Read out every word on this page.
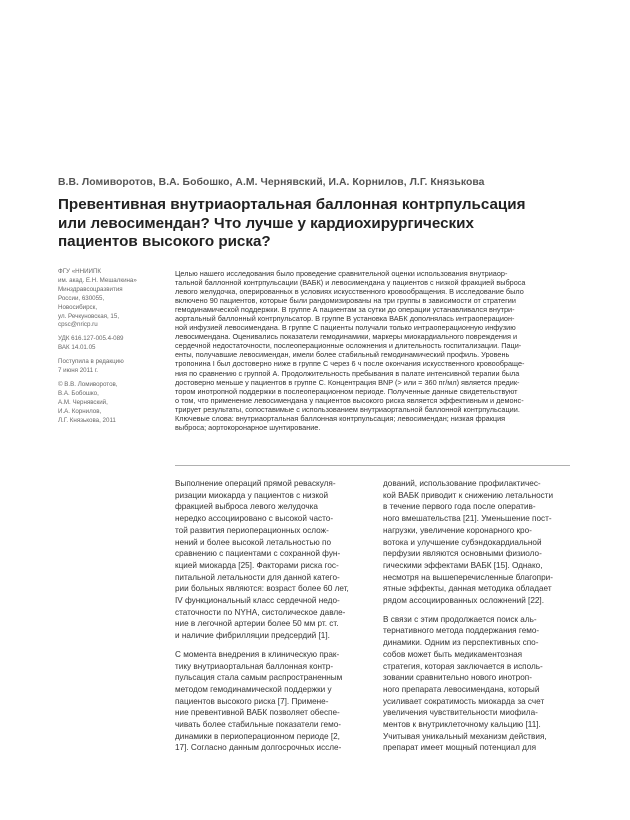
В.В. Ломиворотов, В.А. Бобошко, А.М. Чернявский, И.А. Корнилов, Л.Г. Князькова
Превентивная внутриаортальная баллонная контрпульсация
или левосимендан? Что лучше у кардиохирургических
пациентов высокого риска?
ФГУ «ННИИПК
им. акад. Е.Н. Мешалкина»
Минздравсоцразвития
России, 630055,
Новосибирск,
ул. Речкуновская, 15,
cpsc@nricp.ru
УДК 616.127-005.4-089
ВАК 14.01.05
Поступила в редакцию
7 июня 2011 г.
© В.В. Ломиворотов,
В.А. Бобошко,
А.М. Чернявский,
И.А. Корнилов,
Л.Г. Князькова, 2011
Целью нашего исследования было проведение сравнительной оценки использования внутриаор-
тальной баллонной контрпульсации (ВАБК) и левосимендана у пациентов с низкой фракцией выброса
левого желудочка, оперированных в условиях искусственного кровообращения. В исследование было
включено 90 пациентов, которые были рандомизированы на три группы в зависимости от стратегии
гемодинамической поддержки. В группе А пациентам за сутки до операции устанавливался внутри-
аортальный баллонный контрпульсатор. В группе В установка ВАБК дополнялась интраоперацион-
ной инфузией левосимендана. В группе С пациенты получали только интраоперационную инфузию
левосимендана. Оценивались показатели гемодинамики, маркеры миокардиального повреждения и
сердечной недостаточности, послеоперационные осложнения и длительность госпитализации. Паци-
енты, получавшие левосимендан, имели более стабильный гемодинамический профиль. Уровень
тропонина I был достоверно ниже в группе С через 6 ч после окончания искусственного кровообраще-
ния по сравнению с группой А. Продолжительность пребывания в палате интенсивной терапии была
достоверно меньше у пациентов в группе С. Концентрация BNP (> или = 360 пг/мл) является предик-
тором инотропной поддержки в послеоперационном периоде. Полученные данные свидетельствуют
о том, что применение левосимендана у пациентов высокого риска является эффективным и демонс-
трирует результаты, сопоставимые с использованием внутриаортальной баллонной контрпульсации.
Ключевые слова: внутриаортальная баллонная контрпульсация; левосимендан; низкая фракция
выброса; аортокоронарное шунтирование.
Выполнение операций прямой реваскуля-
ризации миокарда у пациентов с низкой
фракцией выброса левого желудочка
нередко ассоциировано с высокой часто-
той развития периоперационных ослож-
нений и более высокой летальностью по
сравнению с пациентами с сохранной фун-
кцией миокарда [25]. Факторами риска гос-
питальной летальности для данной катего-
рии больных являются: возраст более 60 лет,
IV функциональный класс сердечной недо-
статочности по NYHA, систолическое давле-
ние в легочной артерии более 50 мм рт. ст.
и наличие фибрилляции предсердий [1].
С момента внедрения в клиническую прак-
тику внутриаортальная баллонная контр-
пульсация стала самым распространенным
методом гемодинамической поддержки у
пациентов высокого риска [7]. Примене-
ние превентивной ВАБК позволяет обеспе-
чивать более стабильные показатели гемо-
динамики в периоперационном периоде [2,
17]. Согласно данным долгосрочных иссле-
дований, использование профилактичес-
кой ВАБК приводит к снижению летальности
в течение первого года после оператив-
ного вмешательства [21]. Уменьшение пост-
нагрузки, увеличение коронарного кро-
вотока и улучшение субэндокардиальной
перфузии являются основными физиоло-
гическими эффектами ВАБК [15]. Однако,
несмотря на вышеперечисленные благопри-
ятные эффекты, данная методика обладает
рядом ассоциированных осложнений [22].
В связи с этим продолжается поиск аль-
тернативного метода поддержания гемо-
динамики. Одним из перспективных спо-
собов может быть медикаментозная
стратегия, которая заключается в исполь-
зовании сравнительно нового инотроп-
ного препарата левосимендана, который
усиливает сократимость миокарда за счет
увеличения чувствительности миофила-
ментов к внутриклеточному кальцию [11].
Учитывая уникальный механизм действия,
препарат имеет мощный потенциал для
